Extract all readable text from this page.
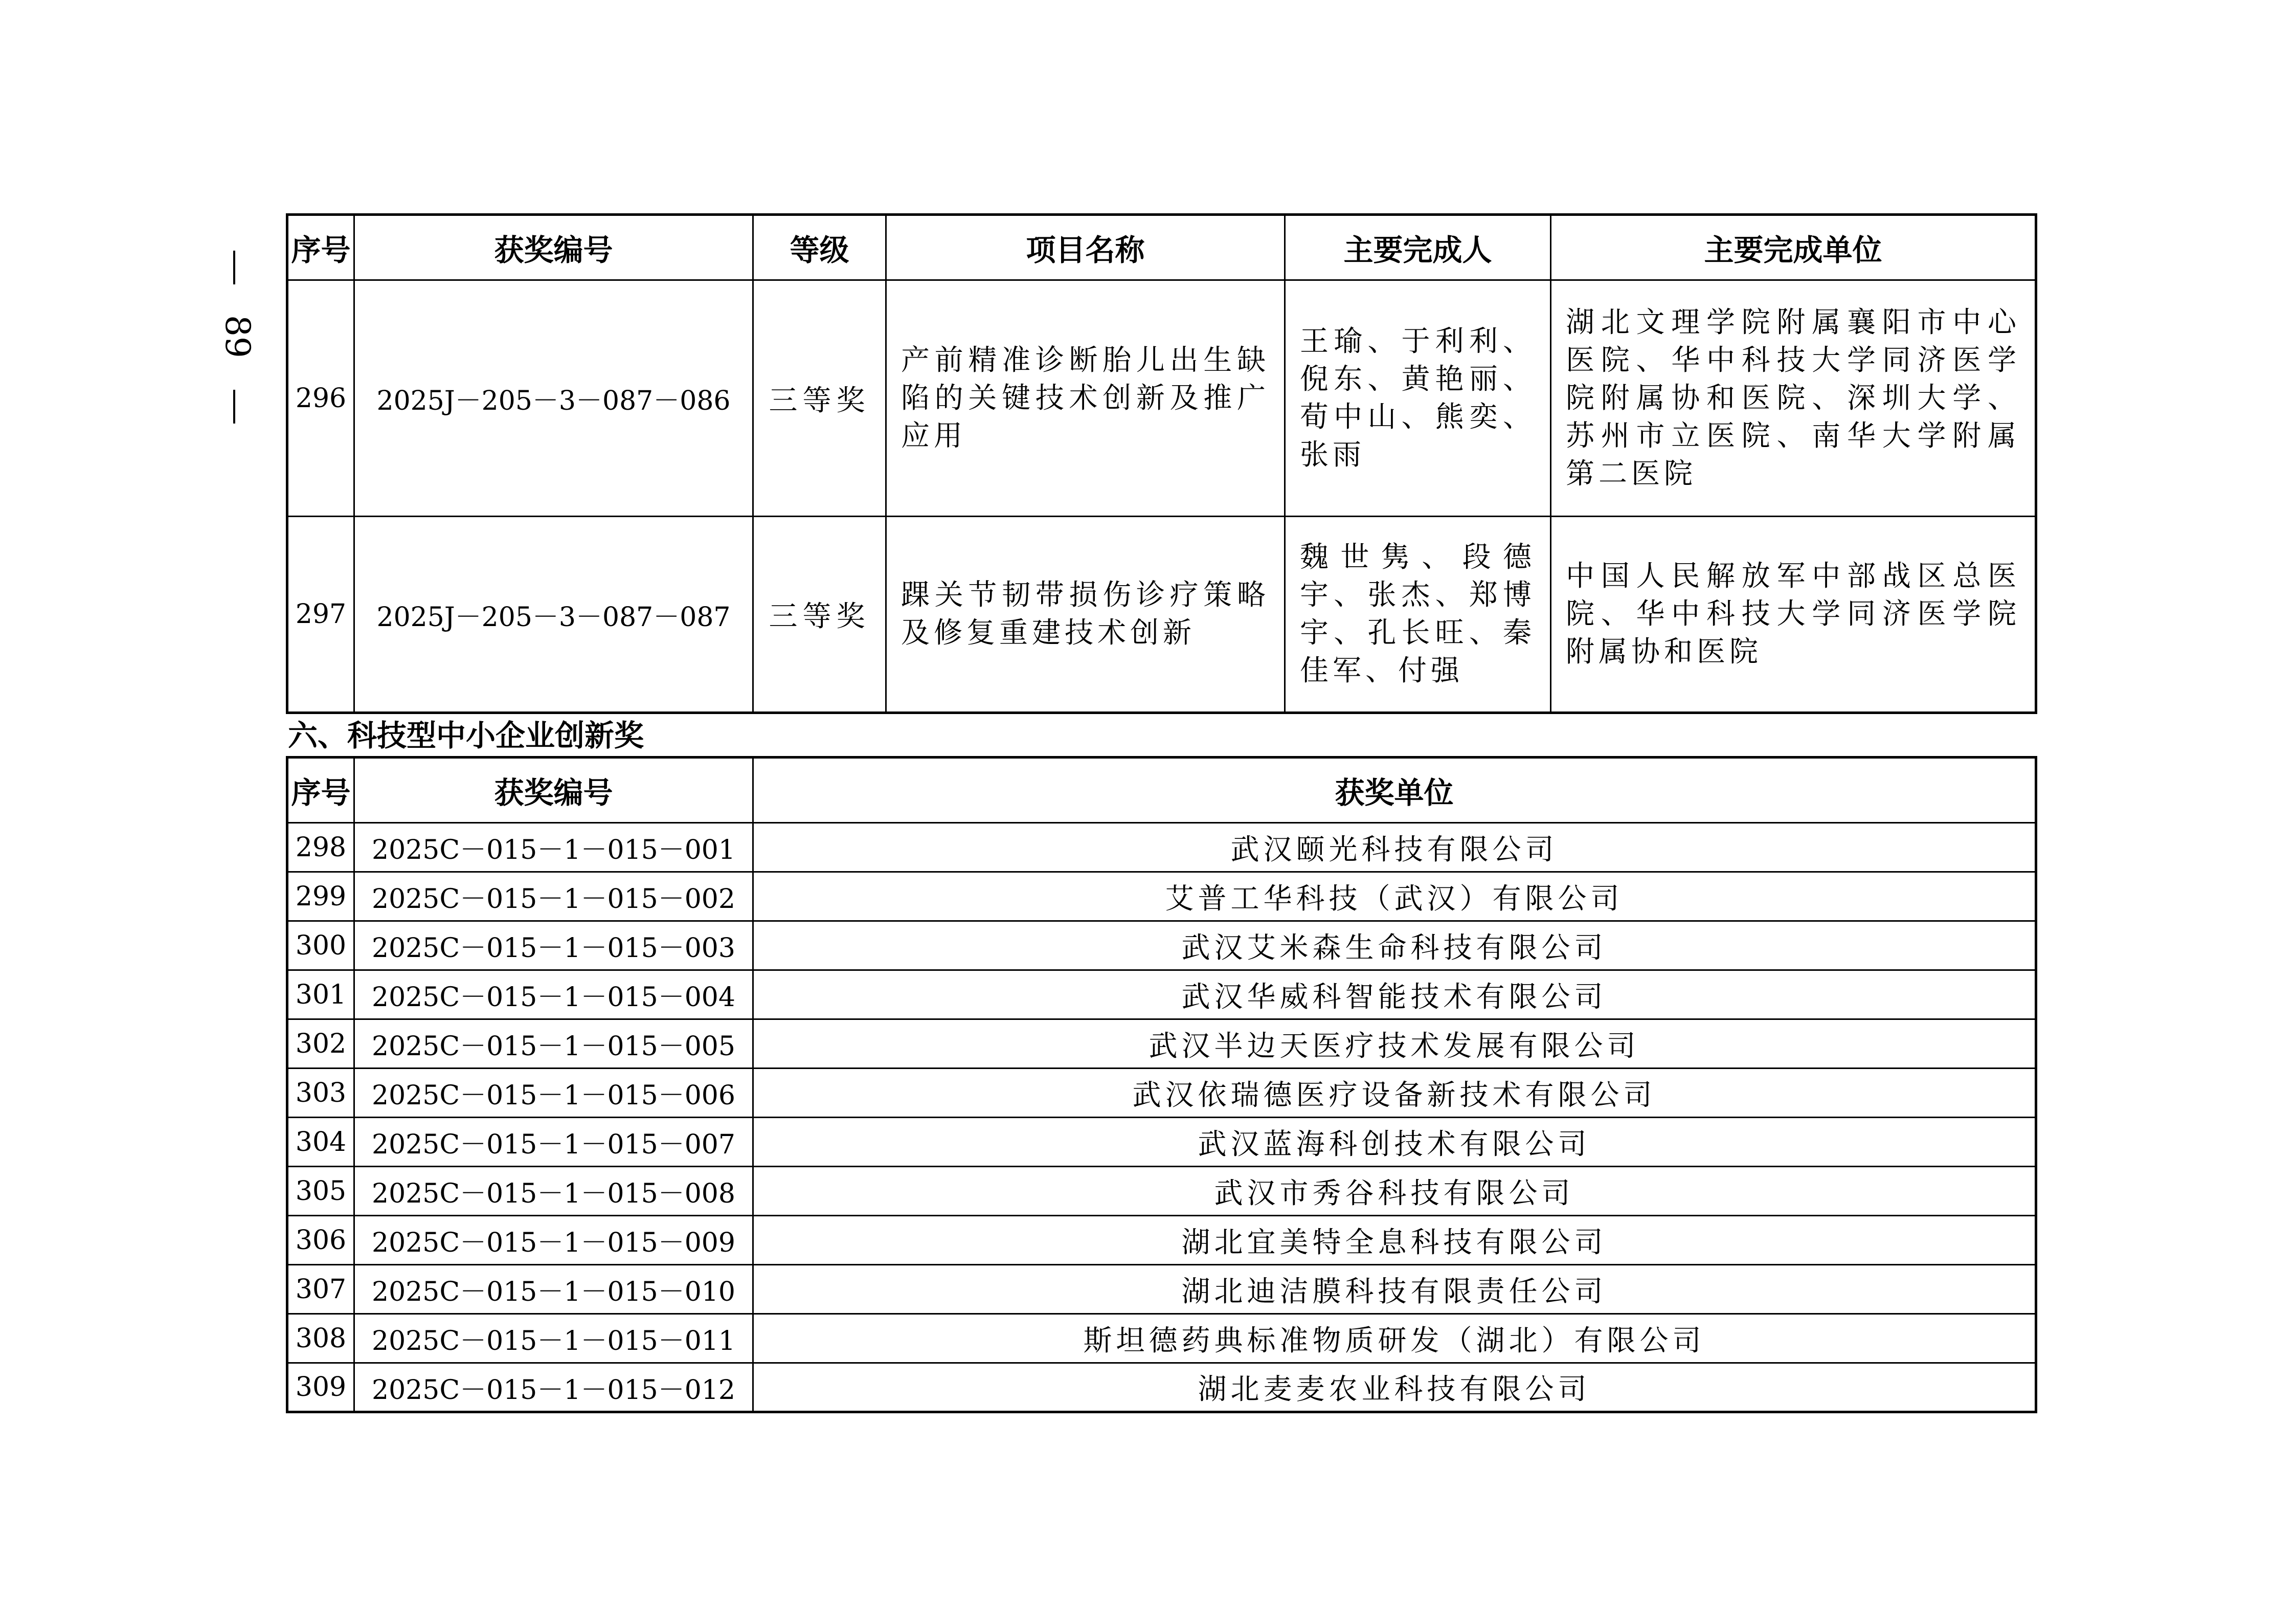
89
序号	获奖编号	等级	项目名称	主要完成人	主要完成单位
296	2025J－205－3－087－086	三等奖	产前精准诊断胎儿出生缺陷的关键技术创新及推广应用	王瑜、于利利、倪东、黄艳丽、荀中山、熊奕、张雨	湖北文理学院附属襄阳市中心医院、华中科技大学同济医学院附属协和医院、深圳大学、苏州市立医院、南华大学附属第二医院
297	2025J－205－3－087－087	三等奖	踝关节韧带损伤诊疗策略及修复重建技术创新	魏世隽、段德宇、张杰、郑博宇、孔长旺、秦佳军、付强	中国人民解放军中部战区总医院、华中科技大学同济医学院附属协和医院
六、科技型中小企业创新奖
序号	获奖编号	获奖单位
298	2025C－015－1－015－001	武汉颐光科技有限公司
299	2025C－015－1－015－002	艾普工华科技（武汉）有限公司
300	2025C－015－1－015－003	武汉艾米森生命科技有限公司
301	2025C－015－1－015－004	武汉华威科智能技术有限公司
302	2025C－015－1－015－005	武汉半边天医疗技术发展有限公司
303	2025C－015－1－015－006	武汉依瑞德医疗设备新技术有限公司
304	2025C－015－1－015－007	武汉蓝海科创技术有限公司
305	2025C－015－1－015－008	武汉市秀谷科技有限公司
306	2025C－015－1－015－009	湖北宜美特全息科技有限公司
307	2025C－015－1－015－010	湖北迪洁膜科技有限责任公司
308	2025C－015－1－015－011	斯坦德药典标准物质研发（湖北）有限公司
309	2025C－015－1－015－012	湖北麦麦农业科技有限公司
